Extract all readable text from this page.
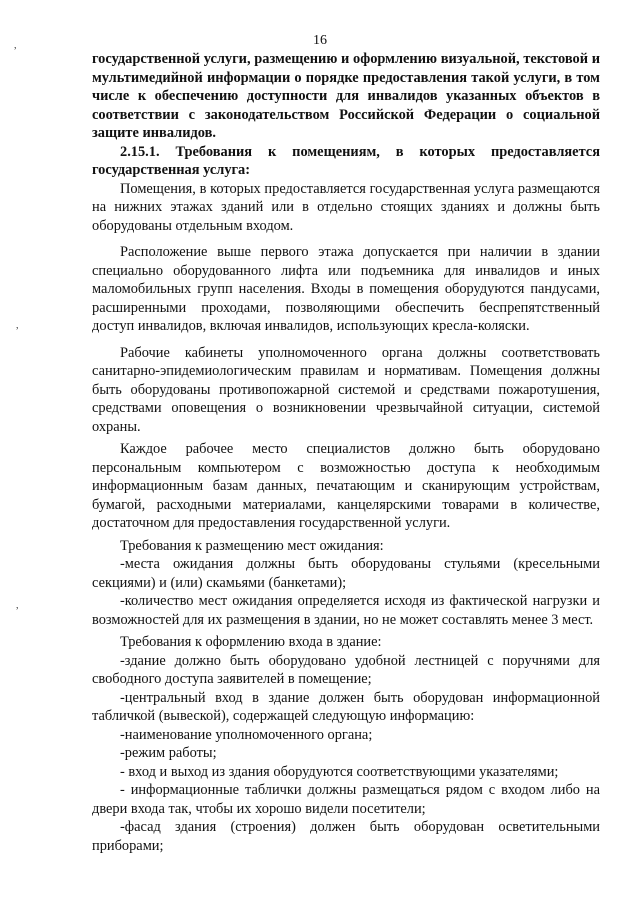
,
,
,
16

государственной услуги, размещению и оформлению визуальной, текстовой и мультимедийной информации о порядке предоставления такой услуги, в том числе к обеспечению доступности для инвалидов указанных объектов в соответствии с законодательством Российской Федерации о социальной защите инвалидов.

2.15.1. Требования к помещениям, в которых предоставляется государственная услуга:

Помещения, в которых предоставляется государственная услуга размещаются на нижних этажах зданий или в отдельно стоящих зданиях и должны быть оборудованы отдельным входом.

Расположение выше первого этажа допускается при наличии в здании специально оборудованного лифта или подъемника для инвалидов и иных маломобильных групп населения. Входы в помещения оборудуются пандусами, расширенными проходами, позволяющими обеспечить беспрепятственный доступ инвалидов, включая инвалидов, использующих кресла-коляски.

Рабочие кабинеты уполномоченного органа должны соответствовать санитарно-эпидемиологическим правилам и нормативам. Помещения должны быть оборудованы противопожарной системой и средствами пожаротушения, средствами оповещения о возникновении чрезвычайной ситуации, системой охраны.

Каждое рабочее место специалистов должно быть оборудовано персональным компьютером с возможностью доступа к необходимым информационным базам данных, печатающим и сканирующим устройствам, бумагой, расходными материалами, канцелярскими товарами в количестве, достаточном для предоставления государственной услуги.

Требования к размещению мест ожидания:

-места ожидания должны быть оборудованы стульями (кресельными секциями) и (или) скамьями (банкетами);

-количество мест ожидания определяется исходя из фактической нагрузки и возможностей для их размещения в здании, но не может составлять менее 3 мест.

Требования к оформлению входа в здание:

-здание должно быть оборудовано удобной лестницей с поручнями для свободного доступа заявителей в помещение;

-центральный вход в здание должен быть оборудован информационной табличкой (вывеской), содержащей следующую информацию:

-наименование уполномоченного органа;

-режим работы;

- вход и выход из здания оборудуются соответствующими указателями;

- информационные таблички должны размещаться рядом с входом либо на двери входа так, чтобы их хорошо видели посетители;

-фасад здания (строения) должен быть оборудован осветительными приборами;
